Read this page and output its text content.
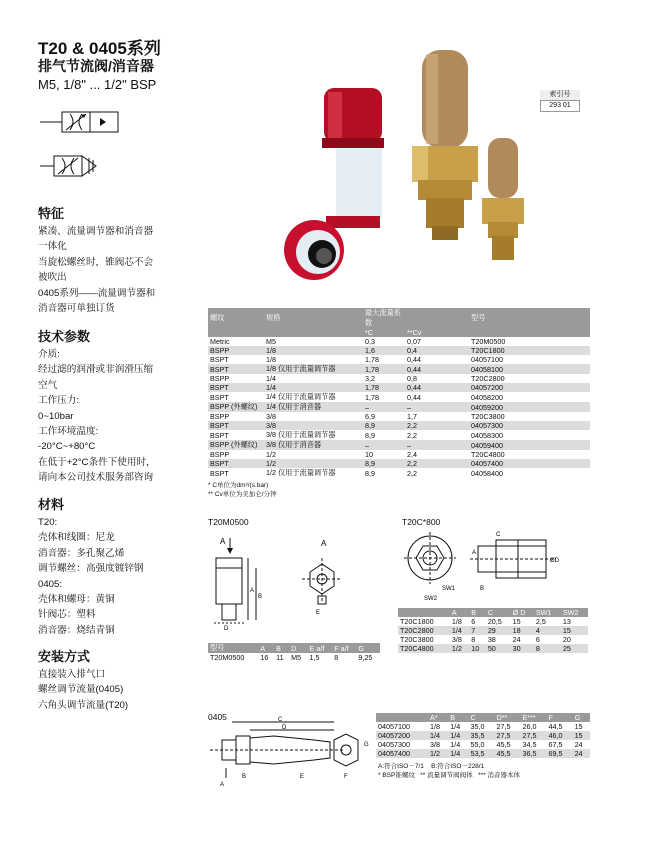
T20 & 0405系列
排气节流阀/消音器
M5, 1/8" ... 1/2" BSP
索引号
293 01
特征
紧凑、流量调节器和消音器
一体化
当旋松螺丝时，锥阀芯不会
被吹出
0405系列——流量调节器和
消音器可单独订货
技术参数
介质:
经过滤的润滑或非润滑压缩
空气
工作压力:
0~10bar
工作环境温度:
-20°C~+80°C
在低于+2°C条件下使用时，
请向本公司技术服务部咨询
材料
T20:
壳体和线圈：尼龙
消音器：多孔聚乙烯
调节螺丝：高强度镀锌钢
0405:
壳体和螺母：黄铜
针阀芯：塑料
消音器：烧结青铜
安装方式
直接装入排气口
螺丝调节流量(0405)
六角头调节流量(T20)
螺纹	规格	最大流量系数		型号
		*C	**Cv	
Metric	M5	0,3	0,07	T20M0500
BSPP	1/8	1,6	0,4	T20C1800
BSPT	1/8	1,78	0,44	04057100
BSPT	1/8 仅用于流量调节器	1,78	0,44	04058100
BSPP	1/4	3,2	0,8	T20C2800
BSPT	1/4	1,78	0,44	04057200
BSPT	1/4 仅用于流量调节器	1,78	0,44	04058200
BSPP (外螺纹)	1/4 仅用于消音器	–	–	04059200
BSPP	3/8	6,9	1,7	T20C3800
BSPT	3/8	8,9	2,2	04057300
BSPT	3/8 仅用于流量调节器	8,9	2,2	04058300
BSPP (外螺纹)	3/8 仅用于消音器	–	–	04059400
BSPP	1/2	10	2,4	T20C4800
BSPT	1/2	8,9	2,2	04057400
BSPT	1/2 仅用于流量调节器	8,9	2,2	04058400
* C单位为dm³/(s.bar)
** Cv单位为美加仑/分钟
T20M0500
A
A
B
D
A
E
型号	A	B	D	E a/f	F a/f	G
T20M0500	16	11	M5	1,5	8	9,25
T20C*800
SW1
SW2
C
B
A
ØD
	A	B	C	Ø D	SW1	SW2
T20C1800	1/8	6	20,5	15	2,5	13
T20C2800	1/4	7	29	18	4	15
T20C3800	3/8	8	38	24	6	20
T20C4800	1/2	10	50	30	8	25
0405	C
D
A
B	F
G
E
	A*	B	C	D**	E***	F	G
04057100	1/8	1/4	35,0	27,5	26,0	44,5	15
04057200	1/4	1/4	35,5	27,5	27,5	46,0	15
04057300	3/8	1/4	55,0	45,5	34,5	67,5	24
04057400	1/2	1/4	53,5	45,5	36,5	69,5	24
A:符合ISO－7/1 B:符合ISO－228/1
* BSP锥螺纹 ** 流量调节阀阀体 *** 消音器本体
